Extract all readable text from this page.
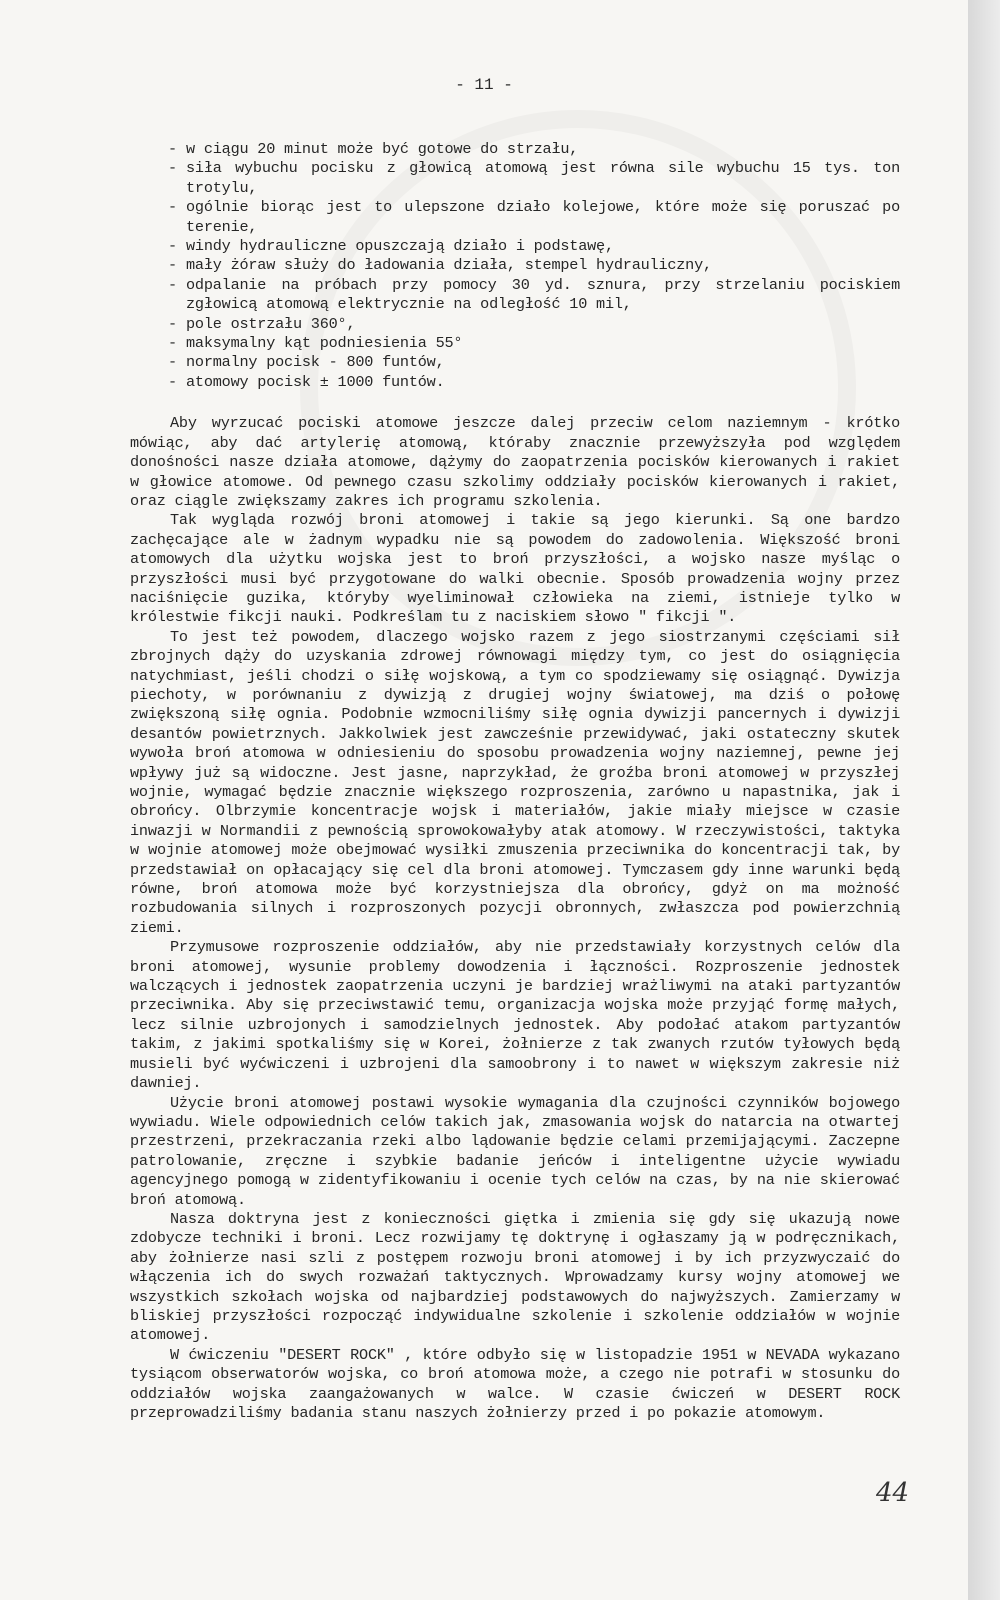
- 11 -
- w ciągu 20 minut może być gotowe do strzału,
- siła wybuchu pocisku z głowicą atomową jest równa sile wybuchu 15 tys. ton trotylu,
- ogólnie biorąc jest to ulepszone działo kolejowe, które może się poruszać po terenie,
- windy hydrauliczne opuszczają działo i podstawę,
- mały żóraw służy do ładowania działa, stempel hydrauliczny,
- odpalanie na próbach przy pomocy 30 yd. sznura, przy strzelaniu pociskiem zgłowicą atomową elektrycznie na odległość 10 mil,
- pole ostrzału 360°,
- maksymalny kąt podniesienia 55°
- normalny pocisk - 800 funtów,
- atomowy pocisk ± 1000 funtów.

Aby wyrzucać pociski atomowe jeszcze dalej przeciw celom naziemnym - krótko mówiąc, aby dać artylerię atomową, któraby znacznie przewyższyła pod względem donośności nasze działa atomowe, dążymy do zaopatrzenia pocisków kierowanych i rakiet w głowice atomowe. Od pewnego czasu szkolimy oddziały pocisków kierowanych i rakiet, oraz ciągle zwiększamy zakres ich programu szkolenia.

Tak wygląda rozwój broni atomowej i takie są jego kierunki. Są one bardzo zachęcające ale w żadnym wypadku nie są powodem do zadowolenia. Większość broni atomowych dla użytku wojska jest to broń przyszłości, a wojsko nasze myśląc o przyszłości musi być przygotowane do walki obecnie. Sposób prowadzenia wojny przez naciśnięcie guzika, któryby wyeliminował człowieka na ziemi, istnieje tylko w królestwie fikcji nauki. Podkreślam tu z naciskiem słowo " fikcji ".

To jest też powodem, dlaczego wojsko razem z jego siostrzanymi częściami sił zbrojnych dąży do uzyskania zdrowej równowagi między tym, co jest do osiągnięcia natychmiast, jeśli chodzi o siłę wojskową, a tym co spodziewamy się osiągnąć. Dywizja piechoty, w porównaniu z dywizją z drugiej wojny światowej, ma dziś o połowę zwiększoną siłę ognia. Podobnie wzmocniliśmy siłę ognia dywizji pancernych i dywizji desantów powietrznych. Jakkolwiek jest zawcześnie przewidywać, jaki ostateczny skutek wywoła broń atomowa w odniesieniu do sposobu prowadzenia wojny naziemnej, pewne jej wpływy już są widoczne. Jest jasne, naprzykład, że groźba broni atomowej w przyszłej wojnie, wymagać będzie znacznie większego rozproszenia, zarówno u napastnika, jak i obrońcy. Olbrzymie koncentracje wojsk i materiałów, jakie miały miejsce w czasie inwazji w Normandii z pewnością sprowokowałyby atak atomowy. W rzeczywistości, taktyka w wojnie atomowej może obejmować wysiłki zmuszenia przeciwnika do koncentracji tak, by przedstawiał on opłacający się cel dla broni atomowej. Tymczasem gdy inne warunki będą równe, broń atomowa może być korzystniejsza dla obrońcy, gdyż on ma możność rozbudowania silnych i rozproszonych pozycji obronnych, zwłaszcza pod powierzchnią ziemi.

Przymusowe rozproszenie oddziałów, aby nie przedstawiały korzystnych celów dla broni atomowej, wysunie problemy dowodzenia i łączności. Rozproszenie jednostek walczących i jednostek zaopatrzenia uczyni je bardziej wrażliwymi na ataki partyzantów przeciwnika. Aby się przeciwstawić temu, organizacja wojska może przyjąć formę małych, lecz silnie uzbrojonych i samodzielnych jednostek. Aby podołać atakom partyzantów takim, z jakimi spotkaliśmy się w Korei, żołnierze z tak zwanych rzutów tyłowych będą musieli być wyćwiczeni i uzbrojeni dla samoobrony i to nawet w większym zakresie niż dawniej.

Użycie broni atomowej postawi wysokie wymagania dla czujności czynników bojowego wywiadu. Wiele odpowiednich celów takich jak, zmasowania wojsk do natarcia na otwartej przestrzeni, przekraczania rzeki albo lądowanie będzie celami przemijającymi. Zaczepne patrolowanie, zręczne i szybkie badanie jeńców i inteligentne użycie wywiadu agencyjnego pomogą w zidentyfikowaniu i ocenie tych celów na czas, by na nie skierować broń atomową.

Nasza doktryna jest z konieczności giętka i zmienia się gdy się ukazują nowe zdobycze techniki i broni. Lecz rozwijamy tę doktrynę i ogłaszamy ją w podręcznikach, aby żołnierze nasi szli z postępem rozwoju broni atomowej i by ich przyzwyczaić do włączenia ich do swych rozważań taktycznych. Wprowadzamy kursy wojny atomowej we wszystkich szkołach wojska od najbardziej podstawowych do najwyższych. Zamierzamy w bliskiej przyszłości rozpocząć indywidualne szkolenie i szkolenie oddziałów w wojnie atomowej.

W ćwiczeniu "DESERT ROCK" , które odbyło się w listopadzie 1951 w NEVADA wykazano tysiącom obserwatorów wojska, co broń atomowa może, a czego nie potrafi w stosunku do oddziałów wojska zaangażowanych w walce. W czasie ćwiczeń w DESERT ROCK przeprowadziliśmy badania stanu naszych żołnierzy przed i po pokazie atomowym.

44
